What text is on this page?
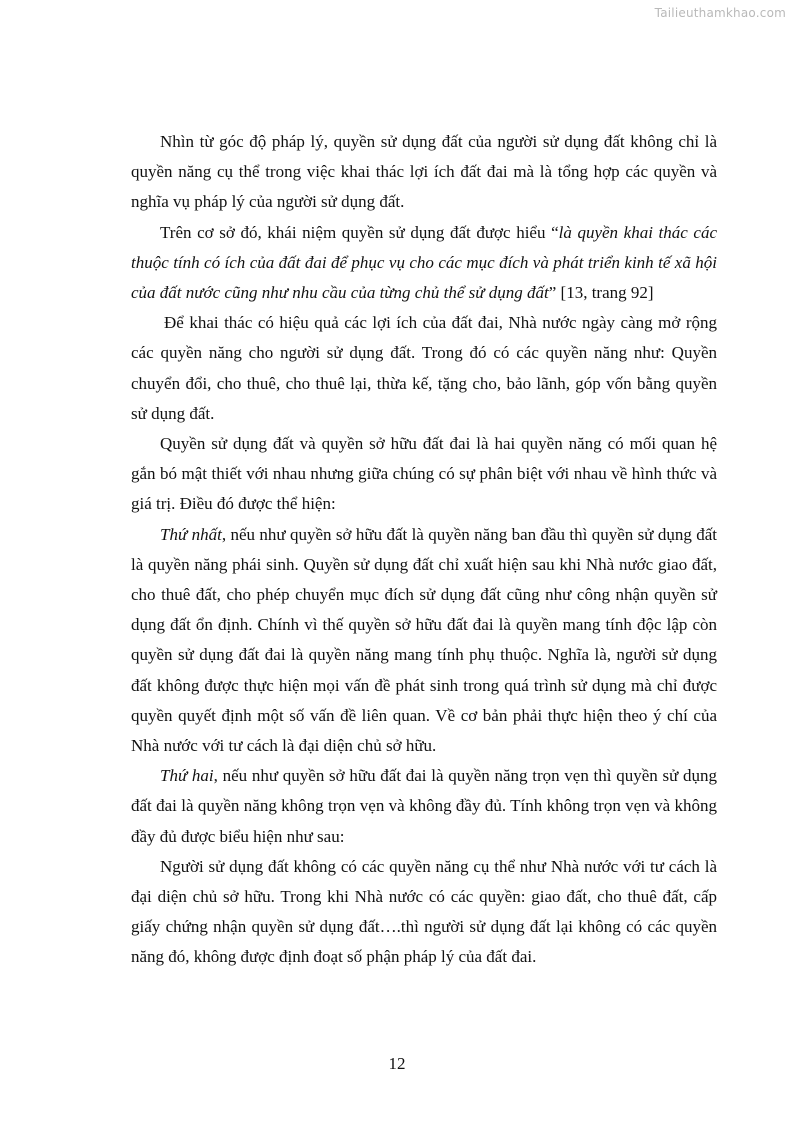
Tailieuthamkhao.com

Nhìn từ góc độ pháp lý, quyền sử dụng đất của người sử dụng đất không chỉ là quyền năng cụ thể trong việc khai thác lợi ích đất đai mà là tổng hợp các quyền và nghĩa vụ pháp lý của người sử dụng đất.

Trên cơ sở đó, khái niệm quyền sử dụng đất được hiểu “là quyền khai thác các thuộc tính có ích của đất đai để phục vụ cho các mục đích và phát triển kinh tế xã hội của đất nước cũng như nhu cầu của từng chủ thể sử dụng đất” [13, trang 92]

Để khai thác có hiệu quả các lợi ích của đất đai, Nhà nước ngày càng mở rộng các quyền năng cho người sử dụng đất. Trong đó có các quyền năng như: Quyền chuyển đổi, cho thuê, cho thuê lại, thừa kế, tặng cho, bảo lãnh, góp vốn bằng quyền sử dụng đất.

Quyền sử dụng đất và quyền sở hữu đất đai là hai quyền năng có mối quan hệ gắn bó mật thiết với nhau nhưng giữa chúng có sự phân biệt với nhau về hình thức và giá trị. Điều đó được thể hiện:

Thứ nhất, nếu như quyền sở hữu đất là quyền năng ban đầu thì quyền sử dụng đất là quyền năng phái sinh. Quyền sử dụng đất chỉ xuất hiện sau khi Nhà nước giao đất, cho thuê đất, cho phép chuyển mục đích sử dụng đất cũng như công nhận quyền sử dụng đất ổn định. Chính vì thế quyền sở hữu đất đai là quyền mang tính độc lập còn quyền sử dụng đất đai là quyền năng mang tính phụ thuộc. Nghĩa là, người sử dụng đất không được thực hiện mọi vấn đề phát sinh trong quá trình sử dụng mà chỉ được quyền quyết định một số vấn đề liên quan. Về cơ bản phải thực hiện theo ý chí của Nhà nước với tư cách là đại diện chủ sở hữu.

Thứ hai, nếu như quyền sở hữu đất đai là quyền năng trọn vẹn thì quyền sử dụng đất đai là quyền năng không trọn vẹn và không đầy đủ. Tính không trọn vẹn và không đầy đủ được biểu hiện như sau:

Người sử dụng đất không có các quyền năng cụ thể như Nhà nước với tư cách là đại diện chủ sở hữu. Trong khi Nhà nước có các quyền: giao đất, cho thuê đất, cấp giấy chứng nhận quyền sử dụng đất….thì người sử dụng đất lại không có các quyền năng đó, không được định đoạt số phận pháp lý của đất đai.

12
